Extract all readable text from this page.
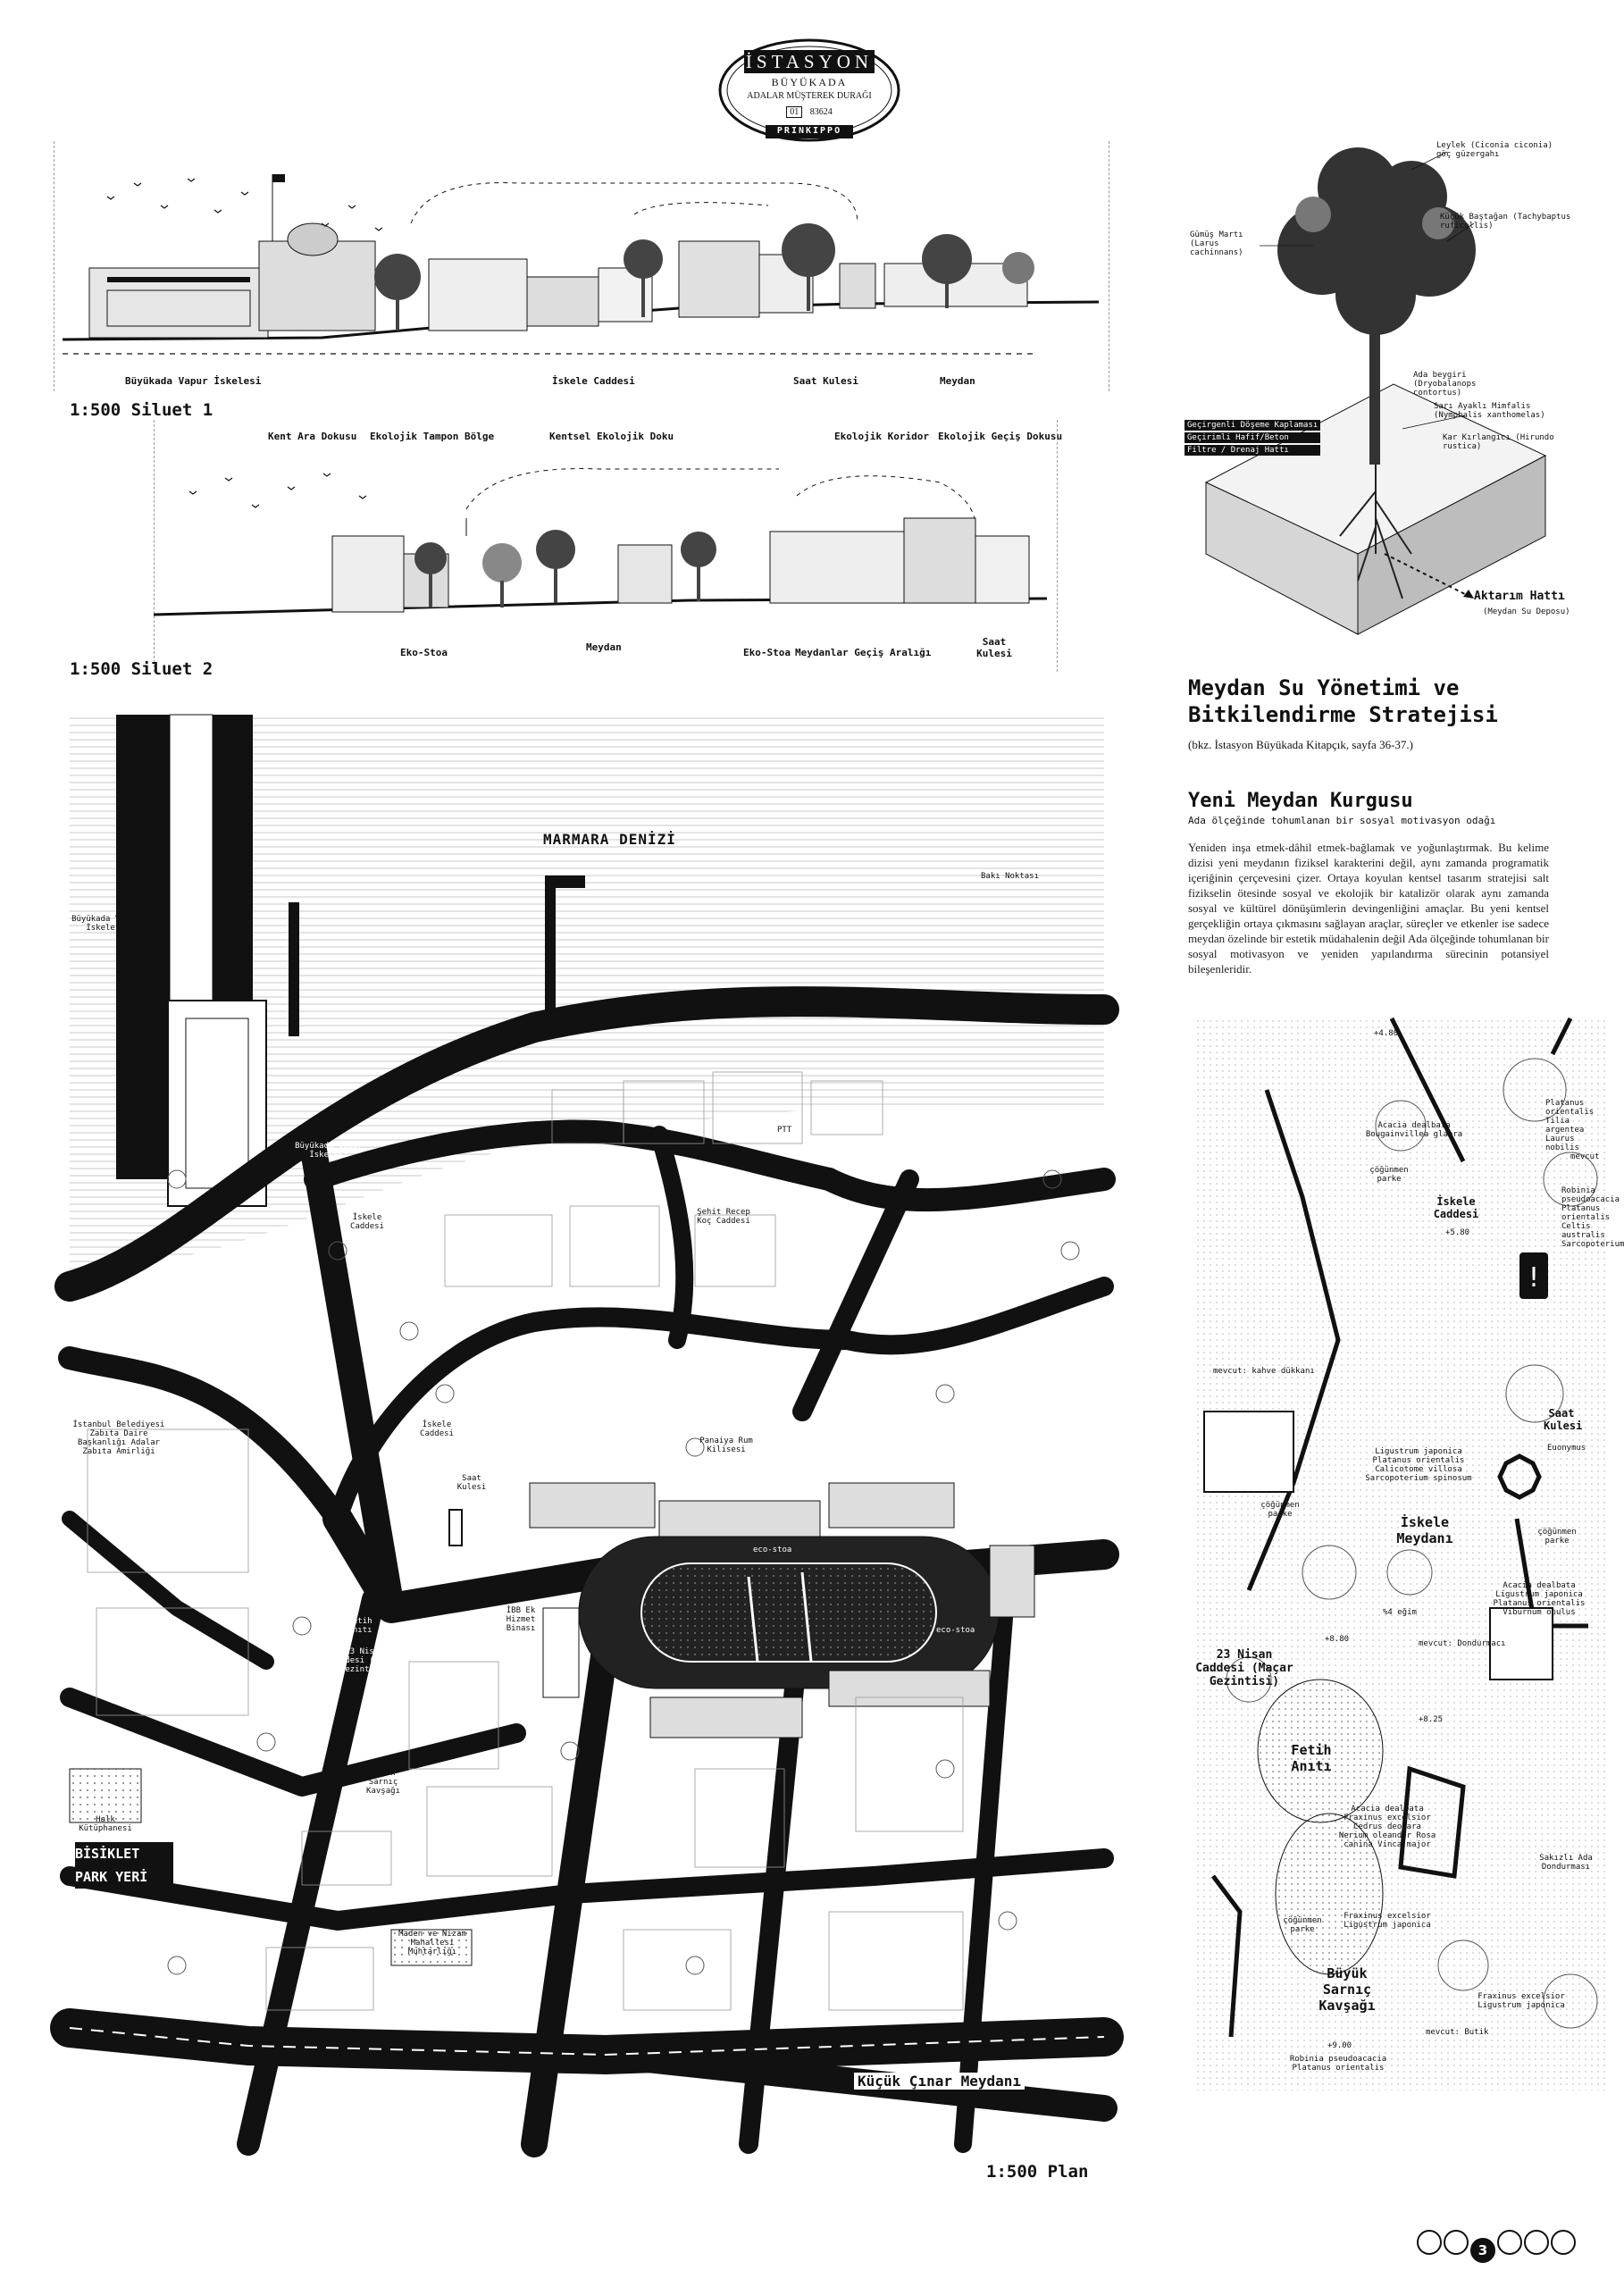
İSTASYON
BÜYÜKADA
ADALAR MÜŞTEREK DURAĞI
01 83624
PRINKIPPO
Büyükada Vapur İskelesi	İskele Caddesi	Saat Kulesi	Meydan
1:500 Siluet 1
Kent Ara Dokusu Ekolojik Tampon Bölge	Kentsel Ekolojik Doku	Ekolojik Koridor Ekolojik Geçiş Dokusu
Eko-Stoa	Meydan	Eko-Stoa Meydanlar Geçiş Aralığı
Saat Kulesi
1:500 Siluet 2
Leylek (Ciconia ciconia) göç güzergahı
Küçük Baştağan (Tachybaptus ruficollis)
Gümüş Martı (Larus cachinnans)
Ada beygiri (Dryobalanops contortus)
Sarı Ayaklı Mimfalis (Nymphalis xanthomelas)
Kar Kırlangıcı (Hirundo rustica)
Geçirgenli Döşeme Kaplaması
Geçirimli Hafif/Beton
Filtre / Drenaj Hattı
Aktarım Hattı
(Meydan Su Deposu)
Meydan Su Yönetimi ve Bitkilendirme Stratejisi
(bkz. İstasyon Büyükada Kitapçık, sayfa 36-37.)
Yeni Meydan Kurgusu
Ada ölçeğinde tohumlanan bir sosyal motivasyon odağı
Yeniden inşa etmek-dâhil etmek-bağlamak ve yoğunlaştırmak. Bu kelime dizisi yeni meydanın fiziksel karakterini değil, aynı zamanda programatik içeriğinin çerçevesini çizer. Ortaya koyulan kentsel tasarım stratejisi salt fizikselin ötesinde sosyal ve ekolojik bir katalizör olarak aynı zamanda sosyal ve kültürel dönüşümlerin devingenliğini amaçlar. Bu yeni kentsel gerçekliğin ortaya çıkmasını sağlayan araçlar, süreçler ve etkenler ise sadece meydan özelinde bir estetik müdahalenin değil Ada ölçeğinde tohumlanan bir sosyal motivasyon ve yeniden yapılandırma sürecinin potansiyel bileşenleridir.
MARMARA DENİZİ
Bakı Noktası
Büyükada Vapur İskelesi
Büyükada Vapur İskelesi
PTT
Şehit Recep Koç Caddesi
İskele Caddesi
İskele Caddesi
İstanbul Belediyesi Zabıta Daire Başkanlığı Adalar Zabıta Amirliği
Saat Kulesi
İskele Meydanı
Panaiya Rum Kilisesi
İBB Ek Hizmet Binası
Fetih Anıtı
23 Nisan Caddesi (Maçar Gezintisi)
Büyük Sarnıç Kavşağı
Halk Kütüphanesi
BİSİKLET PARK YERİ
Maden ve Nizam Mahallesi Muhtarlığı
Küçük Çınar Meydanı
eco-stoa
eco-stoa
1:500 Plan
!
+4.80
Acacia dealbata Bougainvillea glabra
çöğünmen parke
İskele Caddesi
+5.80
Platanus orientalis Tilia argentea Laurus nobilis
mevcut
Robinia pseudoacacia Platanus orientalis Celtis australis Sarcopoterium
mevcut: kahve dükkanı
Ligustrum japonica Platanus orientalis Calicotome villosa Sarcopoterium spinosum
Saat Kulesi
Euonymus
çöğünmen parke
çöğünmen parke
İskele Meydanı
Acacia dealbata Ligustrum japonica Platanus orientalis Viburnum opulus
%4 eğim
+8.80	mevcut: Dondurmacı
23 Nisan Caddesi (Maçar Gezintisi)
+8.25
Fetih Anıtı
Acacia dealbata Fraxinus excelsior Cedrus deodara Nerium oleander Rosa canina Vinca major
Sakızlı Ada Dondurması
çöğünmen parke
Fraxinus excelsior Ligustrum japonica
Büyük Sarnıç Kavşağı
Fraxinus excelsior Ligustrum japonica
mevcut: Butik
+9.00
Robinia pseudoacacia Platanus orientalis
3
